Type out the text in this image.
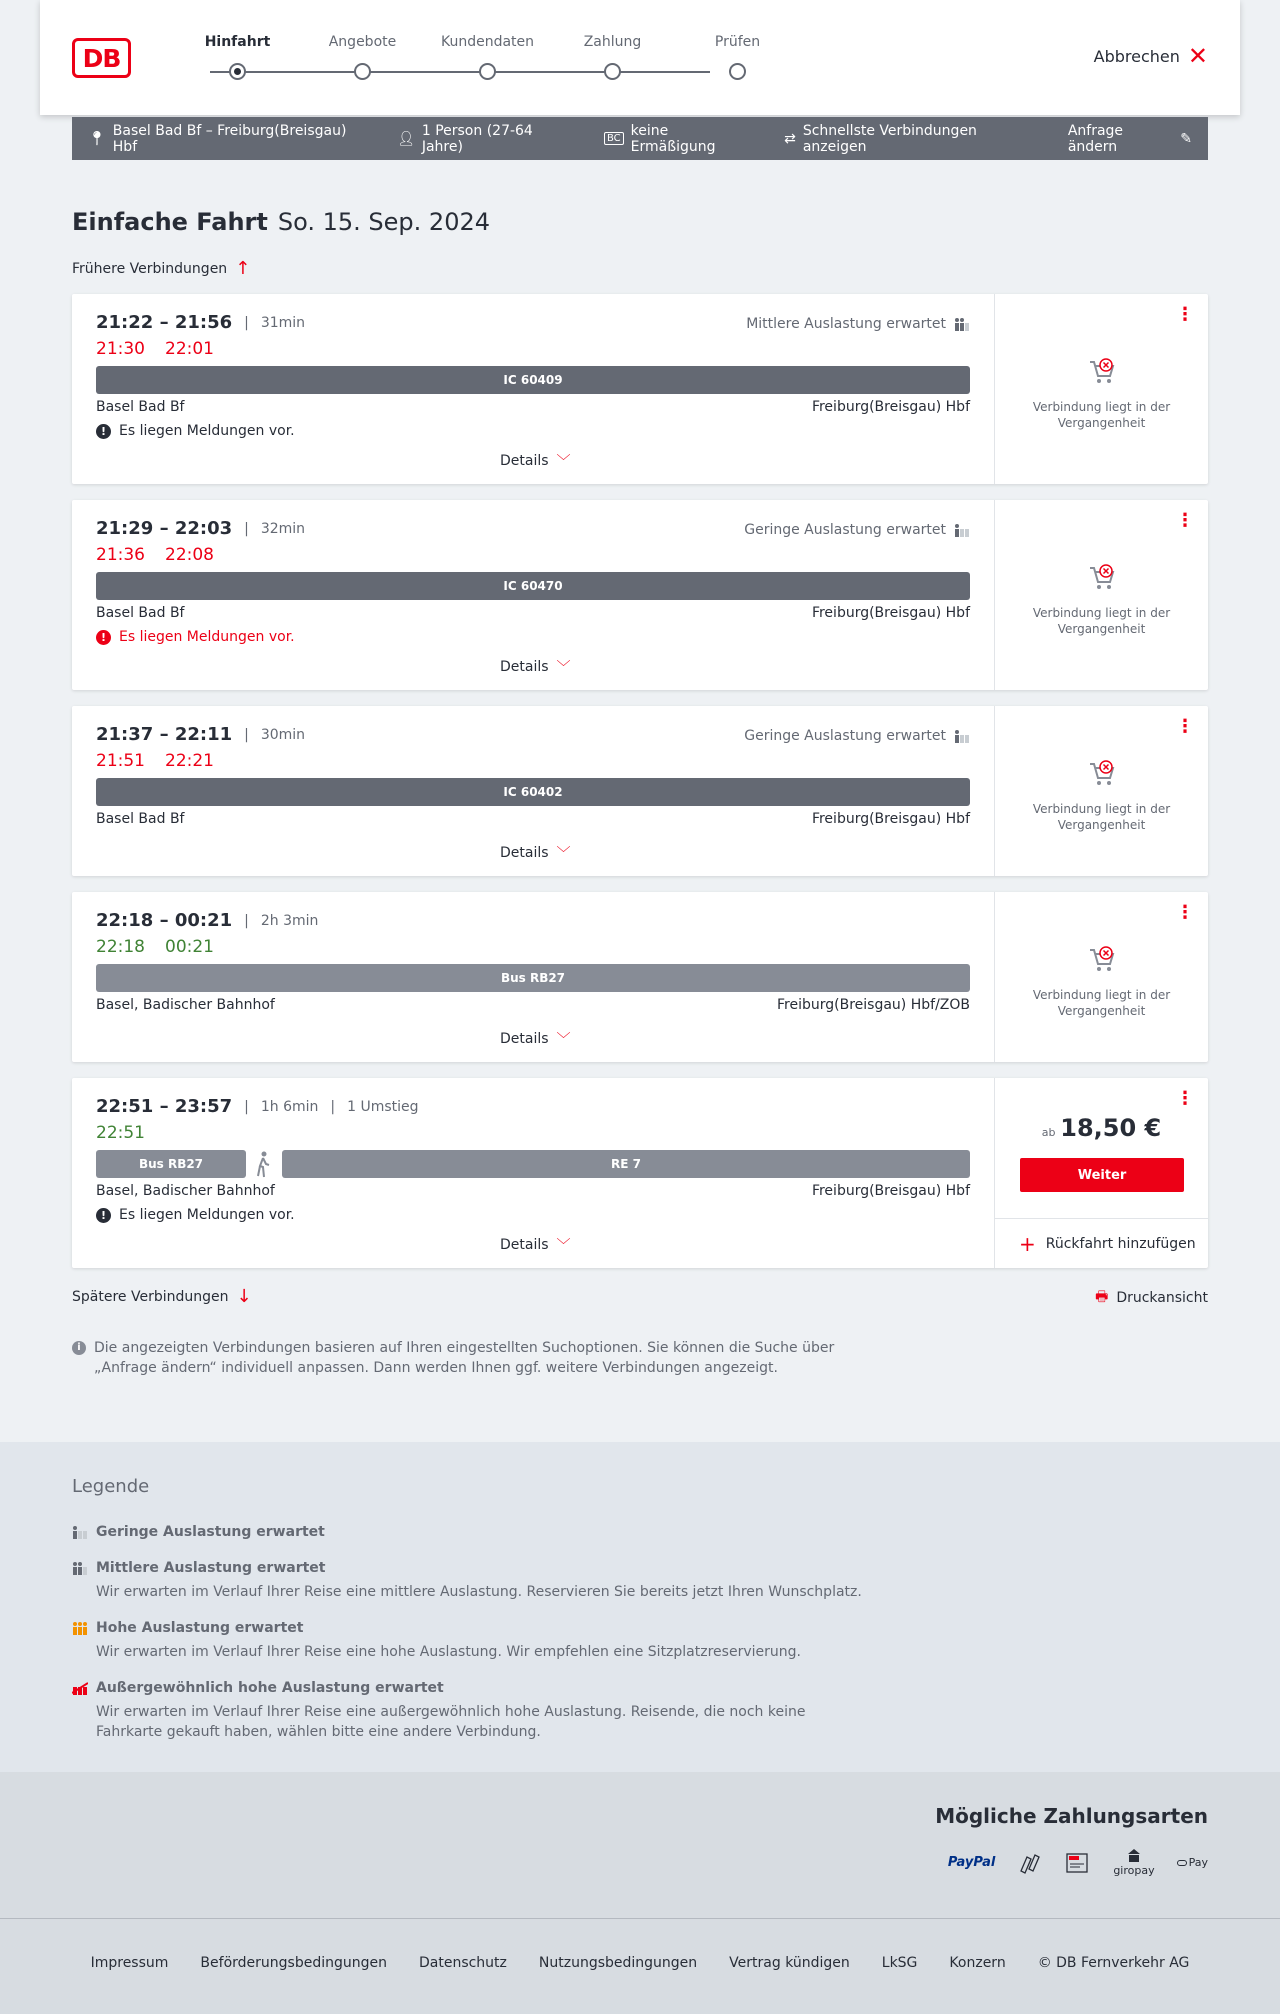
DB
Hinfahrt	Angebote	Kundendaten	Zahlung	Prüfen
Abbrechen ✕
📍︎ Basel Bad Bf – Freiburg(Breisgau) Hbf	👤︎ 1 Person (27-64 Jahre)	BC keine Ermäßigung	⇄ Schnellste Verbindungen anzeigen
Anfrage ändern	✎
Einfache Fahrt So. 15. Sep. 2024
Frühere Verbindungen ↑
21:22 – 21:56 | 31min
21:30 22:01
Mittlere Auslastung erwartet
IC 60409
Basel Bad Bf	Freiburg(Breisgau) Hbf
! Es liegen Meldungen vor.
Details ﹀
⋮
Verbindung liegt in der Vergangenheit
21:29 – 22:03 | 32min
21:36 22:08
Geringe Auslastung erwartet
IC 60470
Basel Bad Bf	Freiburg(Breisgau) Hbf
! Es liegen Meldungen vor.
Details ﹀
⋮
Verbindung liegt in der Vergangenheit
21:37 – 22:11 | 30min
21:51 22:21
Geringe Auslastung erwartet
IC 60402
Basel Bad Bf	Freiburg(Breisgau) Hbf
Details ﹀
⋮
Verbindung liegt in der Vergangenheit
22:18 – 00:21 | 2h 3min
22:18 00:21
Bus RB27
Basel, Badischer Bahnhof	Freiburg(Breisgau) Hbf/ZOB
Details ﹀
⋮
Verbindung liegt in der Vergangenheit
22:51 – 23:57 | 1h 6min | 1 Umstieg
22:51
Bus RB27	RE 7
Basel, Badischer Bahnhof	Freiburg(Breisgau) Hbf
! Es liegen Meldungen vor.
Details ﹀
⋮
ab 18,50 €
Weiter
+ Rückfahrt hinzufügen
Spätere Verbindungen ↓	🖶 Druckansicht
i Die angezeigten Verbindungen basieren auf Ihren eingestellten Suchoptionen. Sie können die Suche über „Anfrage ändern“ individuell anpassen. Dann werden Ihnen ggf. weitere Verbindungen angezeigt.
Legende
Geringe Auslastung erwartet
Mittlere Auslastung erwartet
Wir erwarten im Verlauf Ihrer Reise eine mittlere Auslastung. Reservieren Sie bereits jetzt Ihren Wunschplatz.
Hohe Auslastung erwartet
Wir erwarten im Verlauf Ihrer Reise eine hohe Auslastung. Wir empfehlen eine Sitzplatzreservierung.
Außergewöhnlich hohe Auslastung erwartet
Wir erwarten im Verlauf Ihrer Reise eine außergewöhnlich hohe Auslastung. Reisende, die noch keine Fahrkarte gekauft haben, wählen bitte eine andere Verbindung.
Mögliche Zahlungsarten
PayPal
giropay
Pay
Impressum Beförderungsbedingungen Datenschutz Nutzungsbedingungen Vertrag kündigen LkSG Konzern © DB Fernverkehr AG
